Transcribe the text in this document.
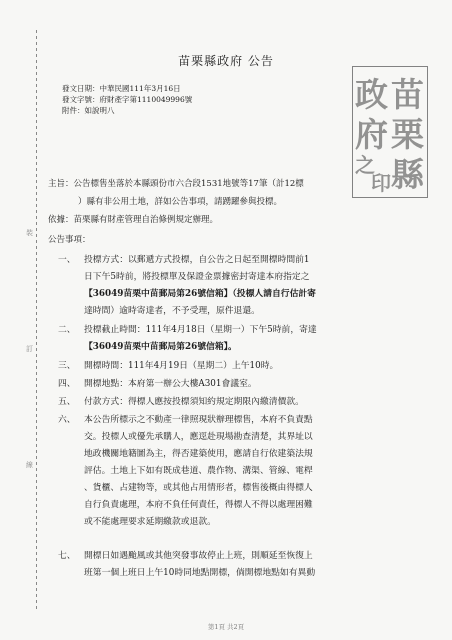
苗栗縣政府 公告
發文日期：中華民國111年3月16日
發文字號：府財產字第1110049996號
附件：如說明八	苗
栗
縣
政
府
之
印
裝
訂
線
主旨：公告標售坐落於本縣頭份市六合段1531地號等17筆（計12標
）縣有非公用土地，詳如公告事項，請踴躍參與投標。
依據：苗栗縣有財產管理自治條例規定辦理。
公告事項：
一、 投標方式：以郵遞方式投標，自公告之日起至開標時間前1
日下午5時前，將投標單及保證金票據密封寄達本府指定之
【36049苗栗中苗郵局第26號信箱】（投標人請自行估計寄
達時間）逾時寄達者，不予受理，原件退還。
二、 投標截止時間：111年4月18日（星期一）下午5時前，寄達
【36049苗栗中苗郵局第26號信箱】。
三、 開標時間：111年4月19日（星期二）上午10時。
四、 開標地點：本府第一辦公大樓A301會議室。
五、 付款方式：得標人應按投標須知約規定期限內繳清價款。
六、 本公告所標示之不動產一律照現狀辦理標售，本府不負責點
交。投標人或優先承購人，應逕赴現場勘查清楚，其界址以
地政機關地籍圖為主，得否建築使用，應請自行依建築法規
評估。土地上下如有既成巷道、農作物、溝渠、管線、電桿
、貨櫃、占建物等，或其他占用情形者，標售後概由得標人
自行負責處理，本府不負任何責任，得標人不得以處理困難
或不能處理要求延期繳款或退款。
七、 開標日如遇颱風或其他突發事故停止上班，則順延至恢復上
班第一個上班日上午10時同地點開標，倘開標地點如有異動
第1頁 共2頁
